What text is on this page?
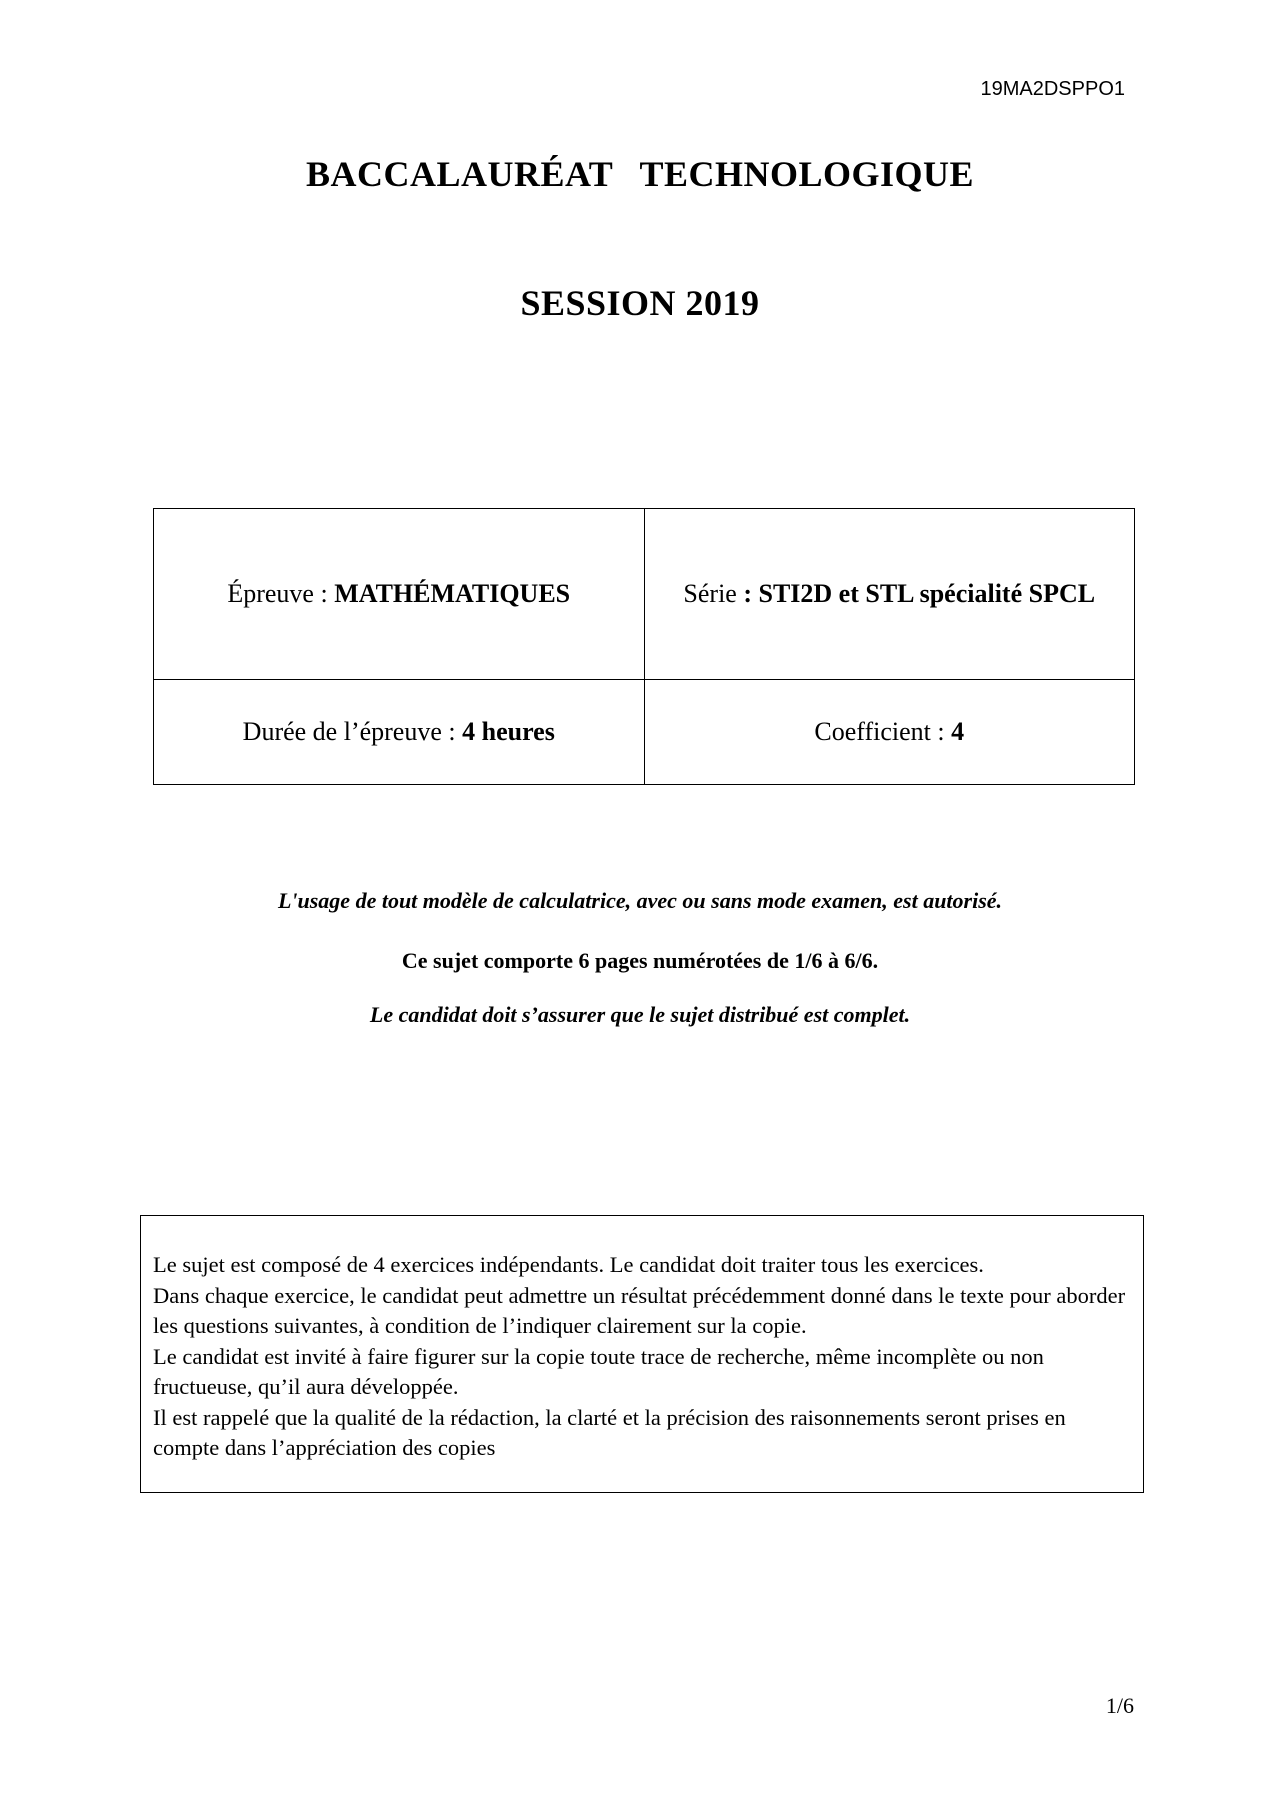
19MA2DSPPO1
BACCALAURÉAT TECHNOLOGIQUE
SESSION 2019
Épreuve : MATHÉMATIQUES	Série : STI2D et STL spécialité SPCL
Durée de l’épreuve : 4 heures	Coefficient : 4
L'usage de tout modèle de calculatrice, avec ou sans mode examen, est autorisé.
Ce sujet comporte 6 pages numérotées de 1/6 à 6/6.
Le candidat doit s’assurer que le sujet distribué est complet.

Le sujet est composé de 4 exercices indépendants. Le candidat doit traiter tous les exercices.

Dans chaque exercice, le candidat peut admettre un résultat précédemment donné dans le texte pour aborder les questions suivantes, à condition de l’indiquer clairement sur la copie.

Le candidat est invité à faire figurer sur la copie toute trace de recherche, même incomplète ou non fructueuse, qu’il aura développée.

Il est rappelé que la qualité de la rédaction, la clarté et la précision des raisonnements seront prises en compte dans l’appréciation des copies

1/6
